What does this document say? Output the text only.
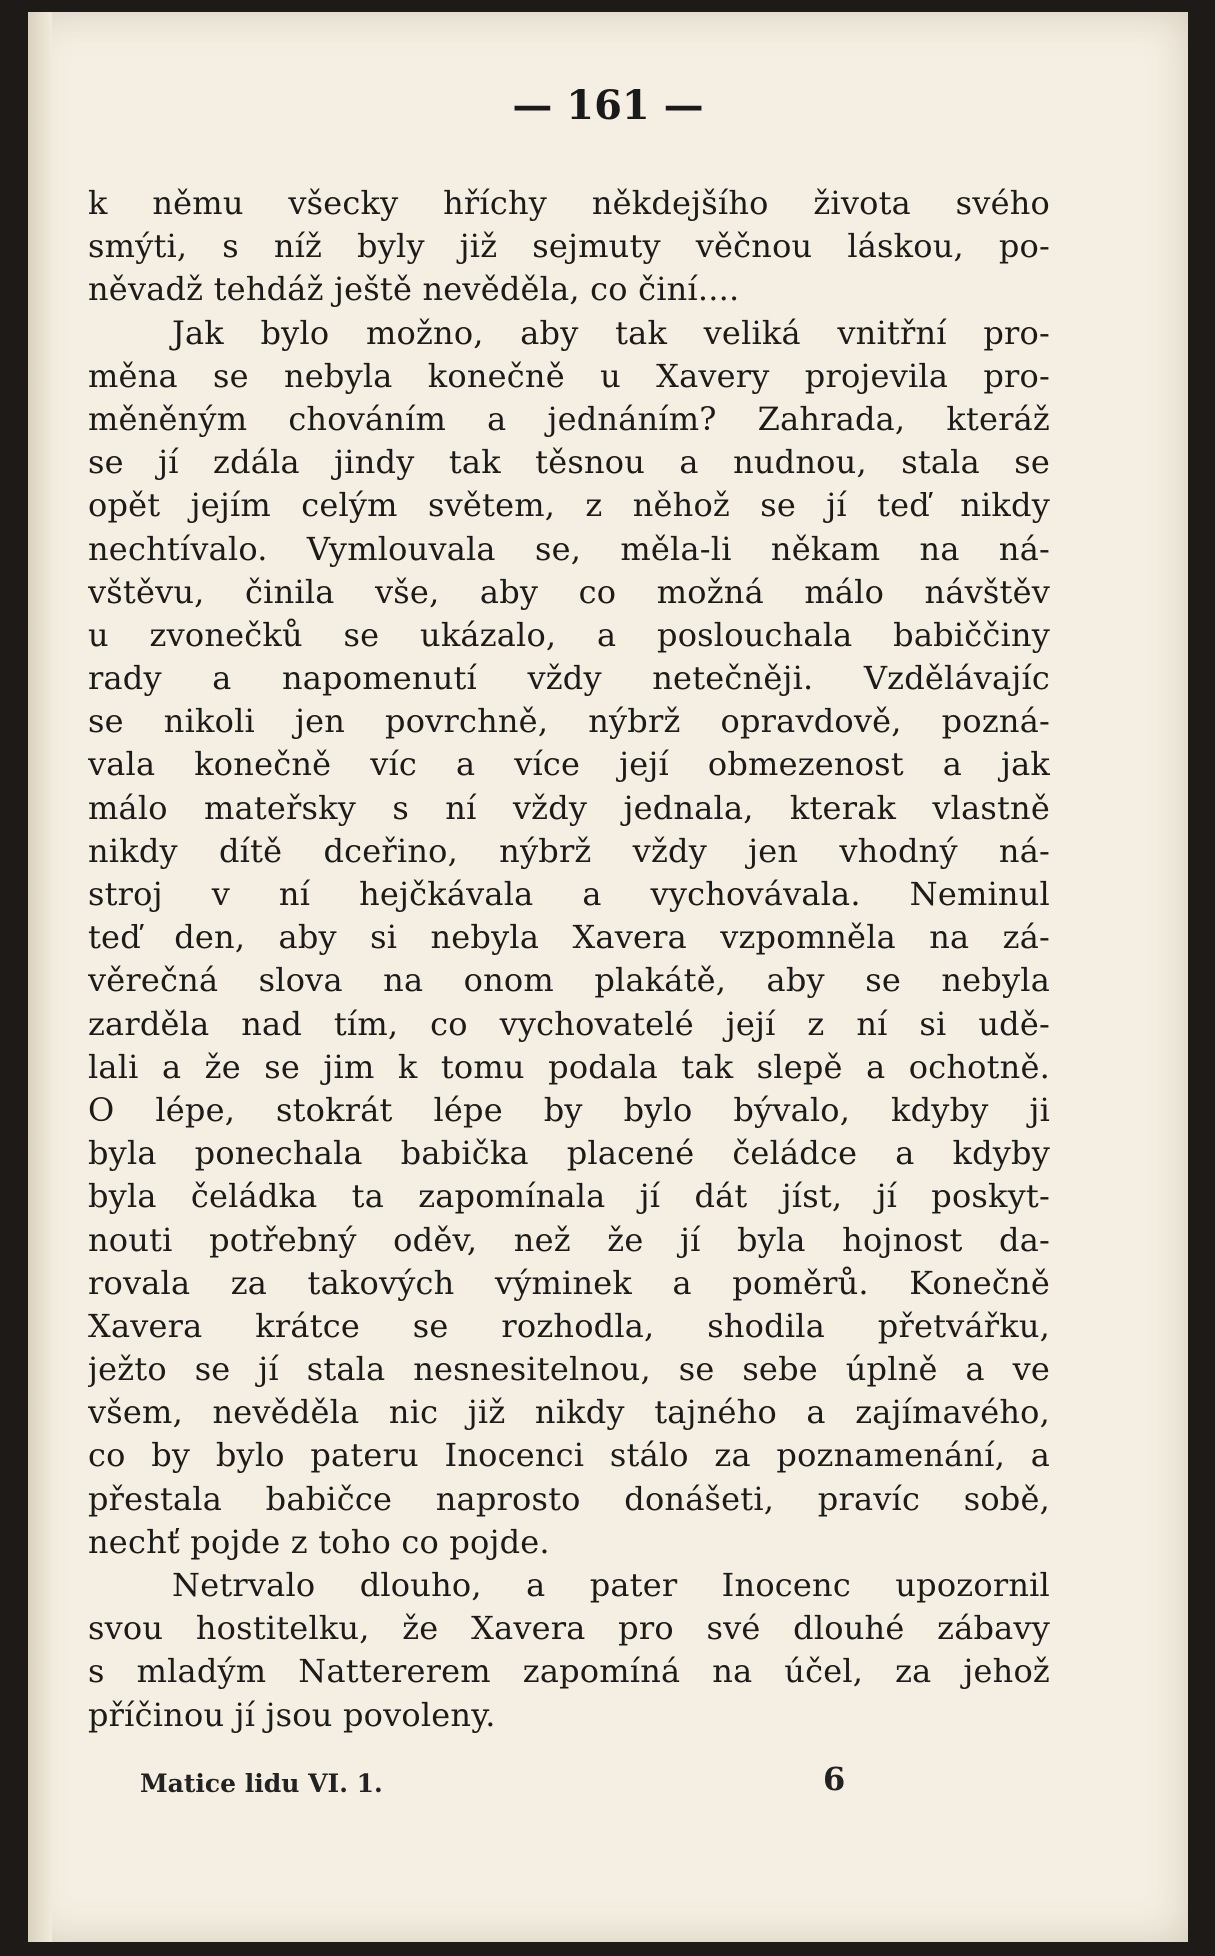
— 161 —
k němu všecky hříchy někdejšího života svého
smýti, s níž byly již sejmuty věčnou láskou, po-
něvadž tehdáž ještě nevěděla, co činí....
Jak bylo možno, aby tak veliká vnitřní pro-
měna se nebyla konečně u Xavery projevila pro-
měněným chováním a jednáním? Zahrada, kteráž
se jí zdála jindy tak těsnou a nudnou, stala se
opět jejím celým světem, z něhož se jí teď nikdy
nechtívalo. Vymlouvala se, měla-li někam na ná-
vštěvu, činila vše, aby co možná málo návštěv
u zvonečků se ukázalo, a poslouchala babiččiny
rady a napomenutí vždy netečněji. Vzdělávajíc
se nikoli jen povrchně, nýbrž opravdově, pozná-
vala konečně víc a více její obmezenost a jak
málo mateřsky s ní vždy jednala, kterak vlastně
nikdy dítě dceřino, nýbrž vždy jen vhodný ná-
stroj v ní hejčkávala a vychovávala. Neminul
teď den, aby si nebyla Xavera vzpomněla na zá-
věrečná slova na onom plakátě, aby se nebyla
zarděla nad tím, co vychovatelé její z ní si udě-
lali a že se jim k tomu podala tak slepě a ochotně.
O lépe, stokrát lépe by bylo bývalo, kdyby ji
byla ponechala babička placené čeládce a kdyby
byla čeládka ta zapomínala jí dát jíst, jí poskyt-
nouti potřebný oděv, než že jí byla hojnost da-
rovala za takových výminek a poměrů. Konečně
Xavera krátce se rozhodla, shodila přetvářku,
ježto se jí stala nesnesitelnou, se sebe úplně a ve
všem, nevěděla nic již nikdy tajného a zajímavého,
co by bylo pateru Inocenci stálo za poznamenání, a
přestala babičce naprosto donášeti, pravíc sobě,
nechť pojde z toho co pojde.
Netrvalo dlouho, a pater Inocenc upozornil
svou hostitelku, že Xavera pro své dlouhé zábavy
s mladým Nattererem zapomíná na účel, za jehož
příčinou jí jsou povoleny.
Matice lidu VI. 1.	6
